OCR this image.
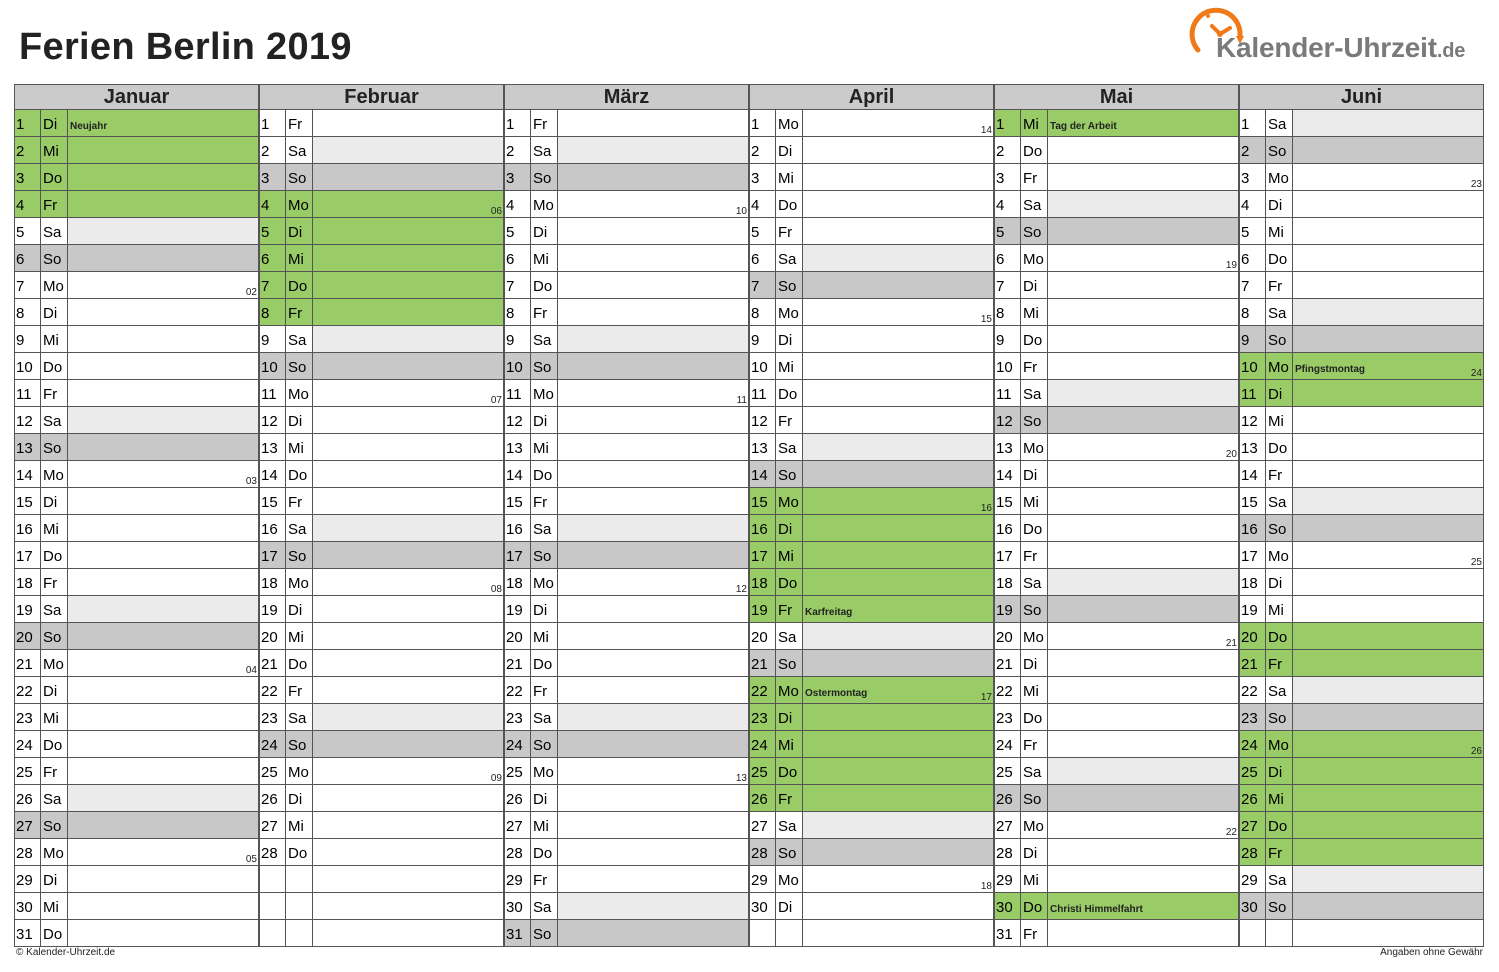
Ferien Berlin 2019	Kalender-Uhrzeit.de
Januar
1	Di	Neujahr
2	Mi
3	Do
4	Fr
5	Sa
6	So
7	Mo	02
8	Di
9	Mi
10 Do
11 Fr
12 Sa
13 So
14 Mo	03
15 Di
16 Mi
17 Do
18 Fr
19 Sa
20 So
21 Mo	04
22 Di
23 Mi
24 Do
25 Fr
26 Sa
27 So
28 Mo	05
29 Di
30 Mi
31 Do
Februar
1	Fr
2	Sa
3	So
4	Mo	06
5	Di
6	Mi
7	Do
8	Fr
9	Sa
10 So
11 Mo	07
12 Di
13 Mi
14 Do
15 Fr
16 Sa
17 So
18 Mo	08
19 Di
20 Mi
21 Do
22 Fr
23 Sa
24 So
25 Mo	09
26 Di
27 Mi
28 Do
März
1	Fr
2	Sa
3	So
4	Mo	10
5	Di
6	Mi
7	Do
8	Fr
9	Sa
10 So
11 Mo	11
12 Di
13 Mi
14 Do
15 Fr
16 Sa
17 So
18 Mo	12
19 Di
20 Mi
21 Do
22 Fr
23 Sa
24 So
25 Mo	13
26 Di
27 Mi
28 Do
29 Fr
30 Sa
31 So
April
1	Mo	14
2	Di
3	Mi
4	Do
5	Fr
6	Sa
7	So
8	Mo	15
9	Di
10 Mi
11 Do
12 Fr
13 Sa
14 So
15 Mo	16
16 Di
17 Mi
18 Do
19 Fr	Karfreitag
20 Sa
21 So
22 Mo Ostermontag	17
23 Di
24 Mi
25 Do
26 Fr
27 Sa
28 So
29 Mo	18
30 Di
Mai
1	Mi	Tag der Arbeit
2	Do
3	Fr
4	Sa
5	So
6	Mo	19
7	Di
8	Mi
9	Do
10 Fr
11 Sa
12 So
13 Mo	20
14 Di
15 Mi
16 Do
17 Fr
18 Sa
19 So
20 Mo	21
21 Di
22 Mi
23 Do
24 Fr
25 Sa
26 So
27 Mo	22
28 Di
29 Mi
30 Do Christi Himmelfahrt
31 Fr
Juni
1	Sa
2	So
3	Mo	23
4	Di
5	Mi
6	Do
7	Fr
8	Sa
9	So
10 Mo Pfingstmontag	24
11 Di
12 Mi
13 Do
14 Fr
15 Sa
16 So
17 Mo	25
18 Di
19 Mi
20 Do
21 Fr
22 Sa
23 So
24 Mo	26
25 Di
26 Mi
27 Do
28 Fr
29 Sa
30 So
© Kalender-Uhrzeit.de	Angaben ohne Gewähr
